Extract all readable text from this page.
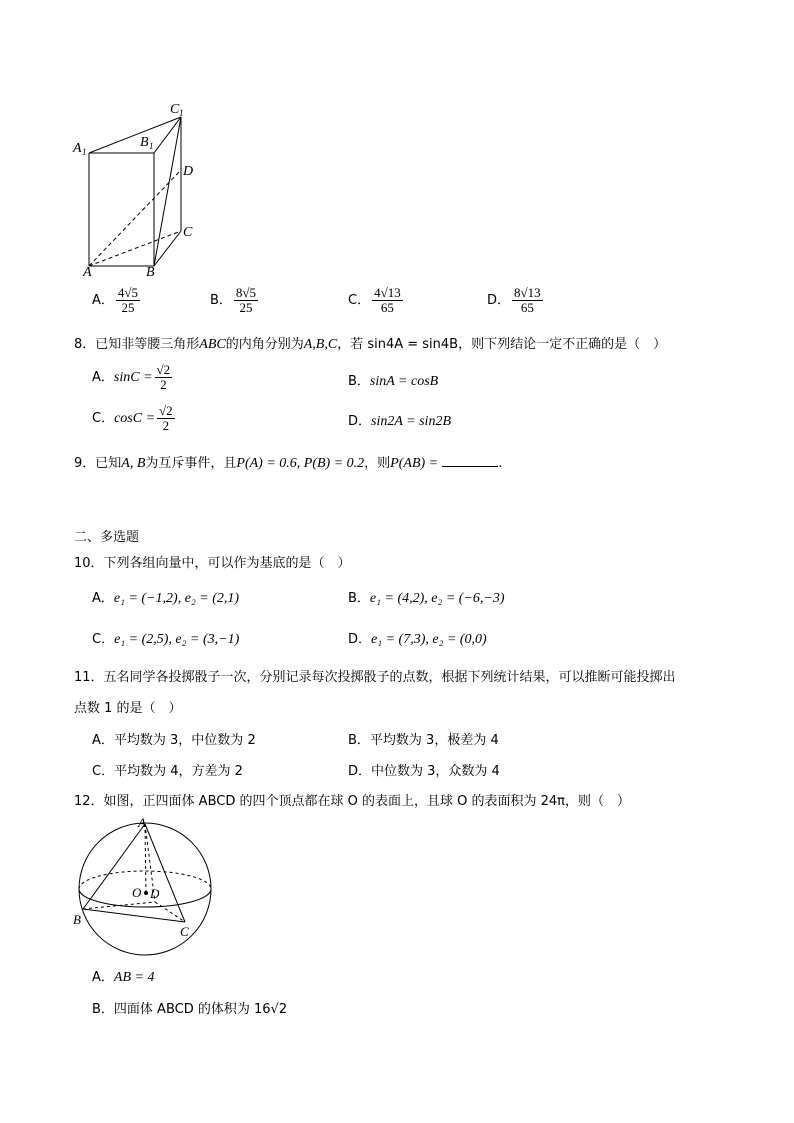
A	B
C
D
A 1
B 1
C 1
A． $\frac{4√5}{25}$	B． $\frac{8√5}{25}$	C． $\frac{4√13}{65}$	D． $\frac{8√13}{65}$
8．已知非等腰三角形ABC的内角分别为A,B,C，若 sin4A = sin4B，则下列结论一定不正确的是（　）
A．$\sin C = \frac{√2}{2}$	B．sinA = cosB
C．$\cos C = \frac{√2}{2}$	D．sin2A = sin2B
9．已知A, B为互斥事件，且P(A) = 0.6, P(B) = 0.2，则P(AB) =	.
二、多选题
10．下列各组向量中，可以作为基底的是（　）
A．e₁ = (−1,2), e₂ = (2,1)	B．e₁ = (4,2), e₂ = (−6,−3)
C．e₁ = (2,5), e₂ = (3,−1)	D．e₁ = (7,3), e₂ = (0,0)
11．五名同学各投掷骰子一次，分别记录每次投掷骰子的点数，根据下列统计结果，可以推断可能投掷出
点数 1 的是（　）
A．平均数为 3，中位数为 2	B．平均数为 3，极差为 4
C．平均数为 4，方差为 2	D．中位数为 3，众数为 4
12．如图，正四面体 ABCD 的四个顶点都在球 O 的表面上，且球 O 的表面积为 24π，则（　）
A
B
C
D
O
A．AB = 4
B．四面体 ABCD 的体积为 16√2
